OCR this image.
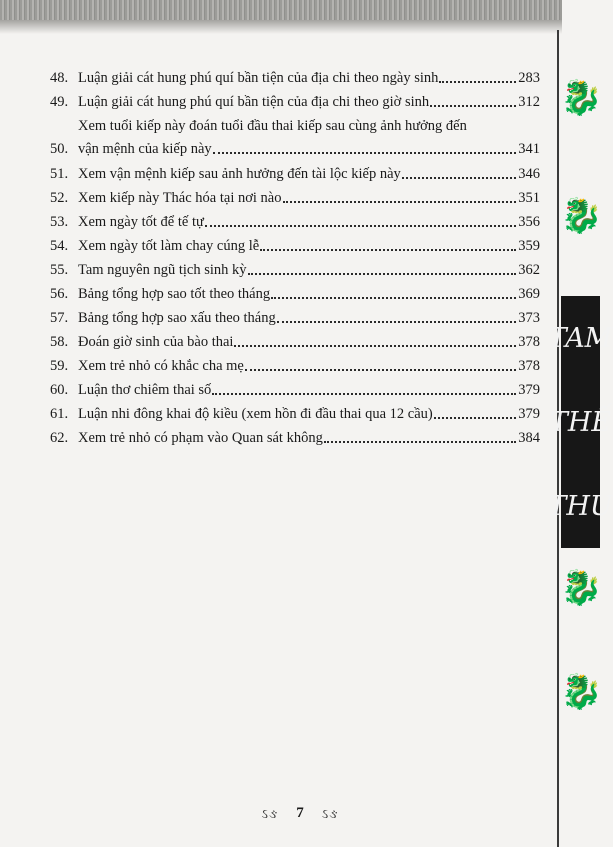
48. Luận giải cát hung phú quí bần tiện của địa chi theo ngày sinh	283
49. Luận giải cát hung phú quí bần tiện của địa chi theo giờ sinh	312
50.
Xem tuổi kiếp này đoán tuổi đầu thai kiếp sau cùng ảnh hưởng đến
vận mệnh của kiếp này	341
51. Xem vận mệnh kiếp sau ảnh hưởng đến tài lộc kiếp này	346
52. Xem kiếp này Thác hóa tại nơi nào	351
53. Xem ngày tốt để tế tự	356
54. Xem ngày tốt làm chay cúng lễ	359
55. Tam nguyên ngũ tịch sinh kỳ	362
56. Bảng tổng hợp sao tốt theo tháng	369
57. Bảng tổng hợp sao xấu theo tháng	373
58. Đoán giờ sinh của bào thai	378
59. Xem trẻ nhỏ có khắc cha mẹ	378
60. Luận thơ chiêm thai số	379
61. Luận nhi đông khai độ kiều (xem hồn đi đầu thai qua 12 cầu)	379
62. Xem trẻ nhỏ có phạm vào Quan sát không	384
🐉
🐉
TAM
THẾ
THƯ
🐉
🐉
ઽઙ 7 ઽઙ
